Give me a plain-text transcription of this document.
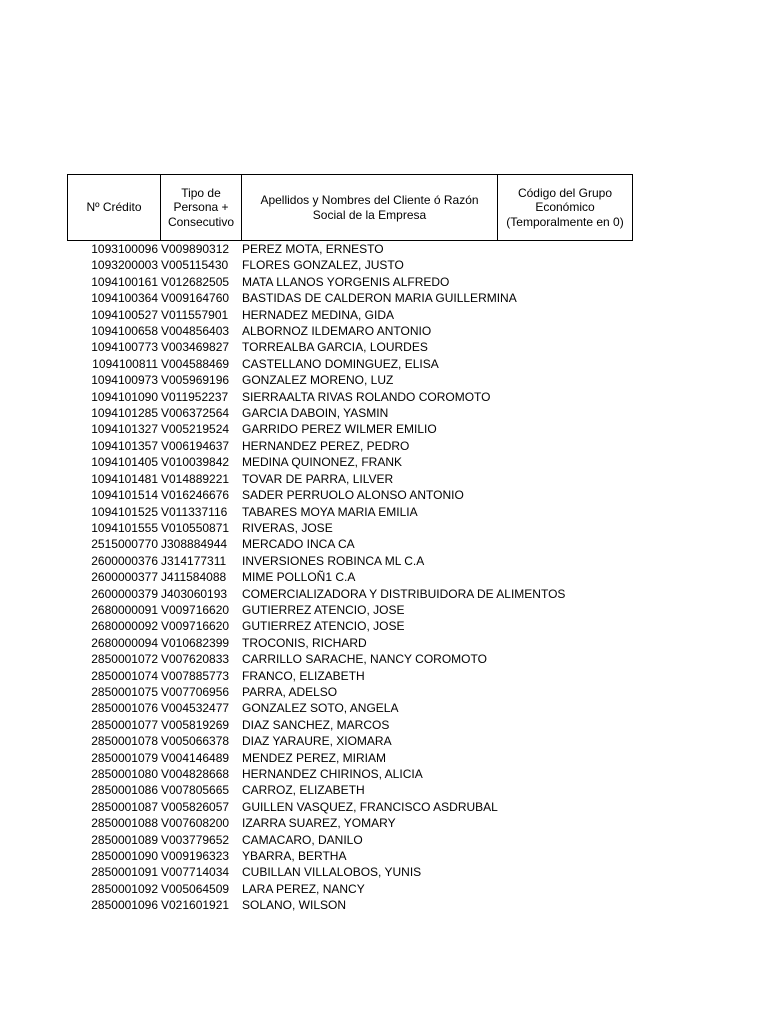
Nº Crédito	Tipo de Persona + Consecutivo	Apellidos y Nombres del Cliente ó Razón Social de la Empresa	Código del Grupo Económico (Temporalmente en 0)
1093100096 V009890312	PEREZ MOTA, ERNESTO
1093200003 V005115430	FLORES GONZALEZ, JUSTO
1094100161 V012682505	MATA LLANOS YORGENIS ALFREDO
1094100364 V009164760	BASTIDAS DE CALDERON MARIA GUILLERMINA
1094100527 V011557901	HERNADEZ MEDINA, GIDA
1094100658 V004856403	ALBORNOZ ILDEMARO ANTONIO
1094100773 V003469827	TORREALBA GARCIA, LOURDES
1094100811 V004588469	CASTELLANO DOMINGUEZ, ELISA
1094100973 V005969196	GONZALEZ MORENO, LUZ
1094101090 V011952237	SIERRAALTA RIVAS ROLANDO COROMOTO
1094101285 V006372564	GARCIA DABOIN, YASMIN
1094101327 V005219524	GARRIDO PEREZ WILMER EMILIO
1094101357 V006194637	HERNANDEZ PEREZ, PEDRO
1094101405 V010039842	MEDINA QUINONEZ, FRANK
1094101481 V014889221	TOVAR DE PARRA, LILVER
1094101514 V016246676	SADER PERRUOLO ALONSO ANTONIO
1094101525 V011337116	TABARES MOYA MARIA EMILIA
1094101555 V010550871	RIVERAS, JOSE
2515000770 J308884944	MERCADO INCA CA
2600000376 J314177311	INVERSIONES ROBINCA ML C.A
2600000377 J411584088	MIME POLLOÑ1 C.A
2600000379 J403060193	COMERCIALIZADORA Y DISTRIBUIDORA DE ALIMENTOS
2680000091 V009716620	GUTIERREZ ATENCIO, JOSE
2680000092 V009716620	GUTIERREZ ATENCIO, JOSE
2680000094 V010682399	TROCONIS, RICHARD
2850001072 V007620833	CARRILLO SARACHE, NANCY COROMOTO
2850001074 V007885773	FRANCO, ELIZABETH
2850001075 V007706956	PARRA, ADELSO
2850001076 V004532477	GONZALEZ SOTO, ANGELA
2850001077 V005819269	DIAZ SANCHEZ, MARCOS
2850001078 V005066378	DIAZ YARAURE, XIOMARA
2850001079 V004146489	MENDEZ PEREZ, MIRIAM
2850001080 V004828668	HERNANDEZ CHIRINOS, ALICIA
2850001086 V007805665	CARROZ, ELIZABETH
2850001087 V005826057	GUILLEN VASQUEZ, FRANCISCO ASDRUBAL
2850001088 V007608200	IZARRA SUAREZ, YOMARY
2850001089 V003779652	CAMACARO, DANILO
2850001090 V009196323	YBARRA, BERTHA
2850001091 V007714034	CUBILLAN VILLALOBOS, YUNIS
2850001092 V005064509	LARA PEREZ, NANCY
2850001096 V021601921	SOLANO, WILSON
